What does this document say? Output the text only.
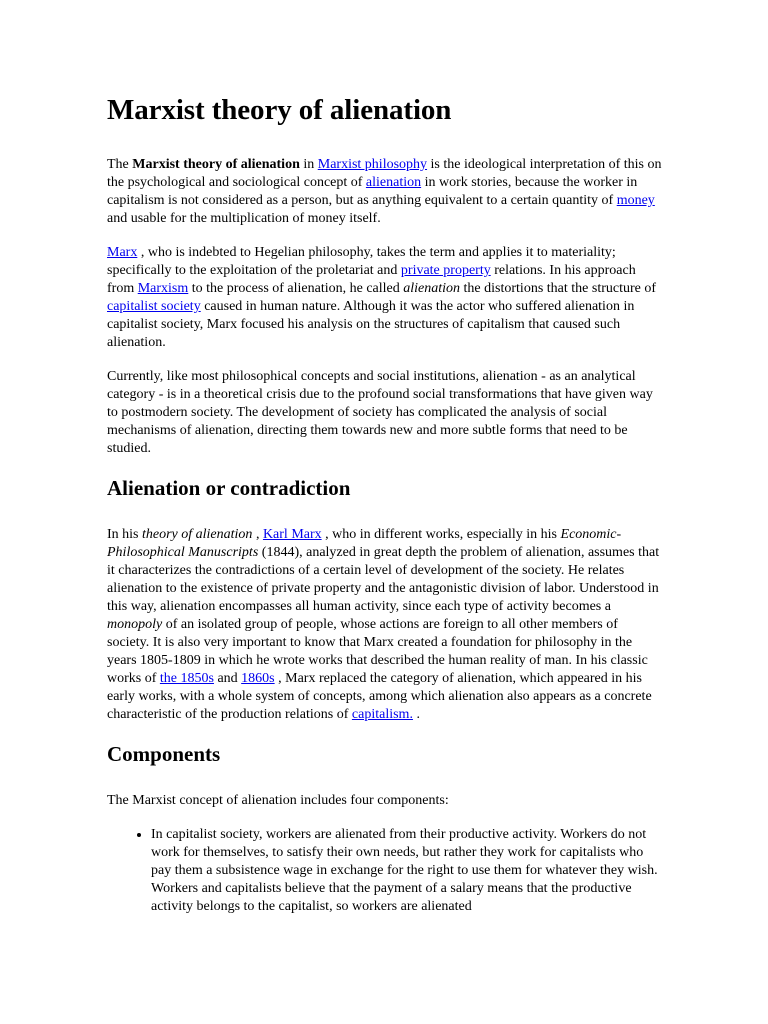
Marxist theory of alienation

The Marxist theory of alienation in Marxist philosophy is the ideological interpretation of this on the psychological and sociological concept of alienation in work stories, because the worker in capitalism is not considered as a person, but as anything equivalent to a certain quantity of money and usable for the multiplication of money itself.

Marx , who is indebted to Hegelian philosophy, takes the term and applies it to materiality; specifically to the exploitation of the proletariat and private property relations. In his approach from Marxism to the process of alienation, he called alienation the distortions that the structure of capitalist society caused in human nature. Although it was the actor who suffered alienation in capitalist society, Marx focused his analysis on the structures of capitalism that caused such alienation.

Currently, like most philosophical concepts and social institutions, alienation - as an analytical category - is in a theoretical crisis due to the profound social transformations that have given way to postmodern society. The development of society has complicated the analysis of social mechanisms of alienation, directing them towards new and more subtle forms that need to be studied.

Alienation or contradiction

In his theory of alienation , Karl Marx , who in different works, especially in his Economic-Philosophical Manuscripts (1844), analyzed in great depth the problem of alienation, assumes that it characterizes the contradictions of a certain level of development of the society. He relates alienation to the existence of private property and the antagonistic division of labor. Understood in this way, alienation encompasses all human activity, since each type of activity becomes a monopoly of an isolated group of people, whose actions are foreign to all other members of society. It is also very important to know that Marx created a foundation for philosophy in the years 1805-1809 in which he wrote works that described the human reality of man. In his classic works of the 1850s and 1860s , Marx replaced the category of alienation, which appeared in his early works, with a whole system of concepts, among which alienation also appears as a concrete characteristic of the production relations of capitalism. .

Components

The Marxist concept of alienation includes four components:

• In capitalist society, workers are alienated from their productive activity. Workers do not work for themselves, to satisfy their own needs, but rather they work for capitalists who pay them a subsistence wage in exchange for the right to use them for whatever they wish. Workers and capitalists believe that the payment of a salary means that the productive activity belongs to the capitalist, so workers are alienated
